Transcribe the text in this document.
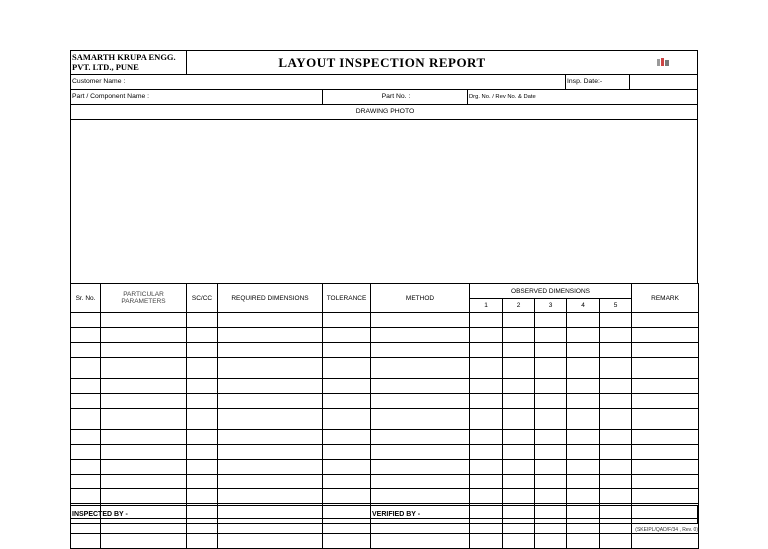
SAMARTH KRUPA ENGG.
PVT. LTD., PUNE	LAYOUT INSPECTION REPORT
Customer Name :	Insp. Date:-
Part / Component Name :	Part No. :	Drg. No. / Rev No. & Date
DRAWING PHOTO
Sr. No.	PARTICULAR PARAMETERS	SC/CC	REQUIRED DIMENSIONS	TOLERANCE	METHOD	OBSERVED DIMENSIONS					REMARK
						1	2	3	4	5	

INSPECTED BY -	VERIFIED BY -
(SKEIPL/QAD/F/34 , Rev. 0)
